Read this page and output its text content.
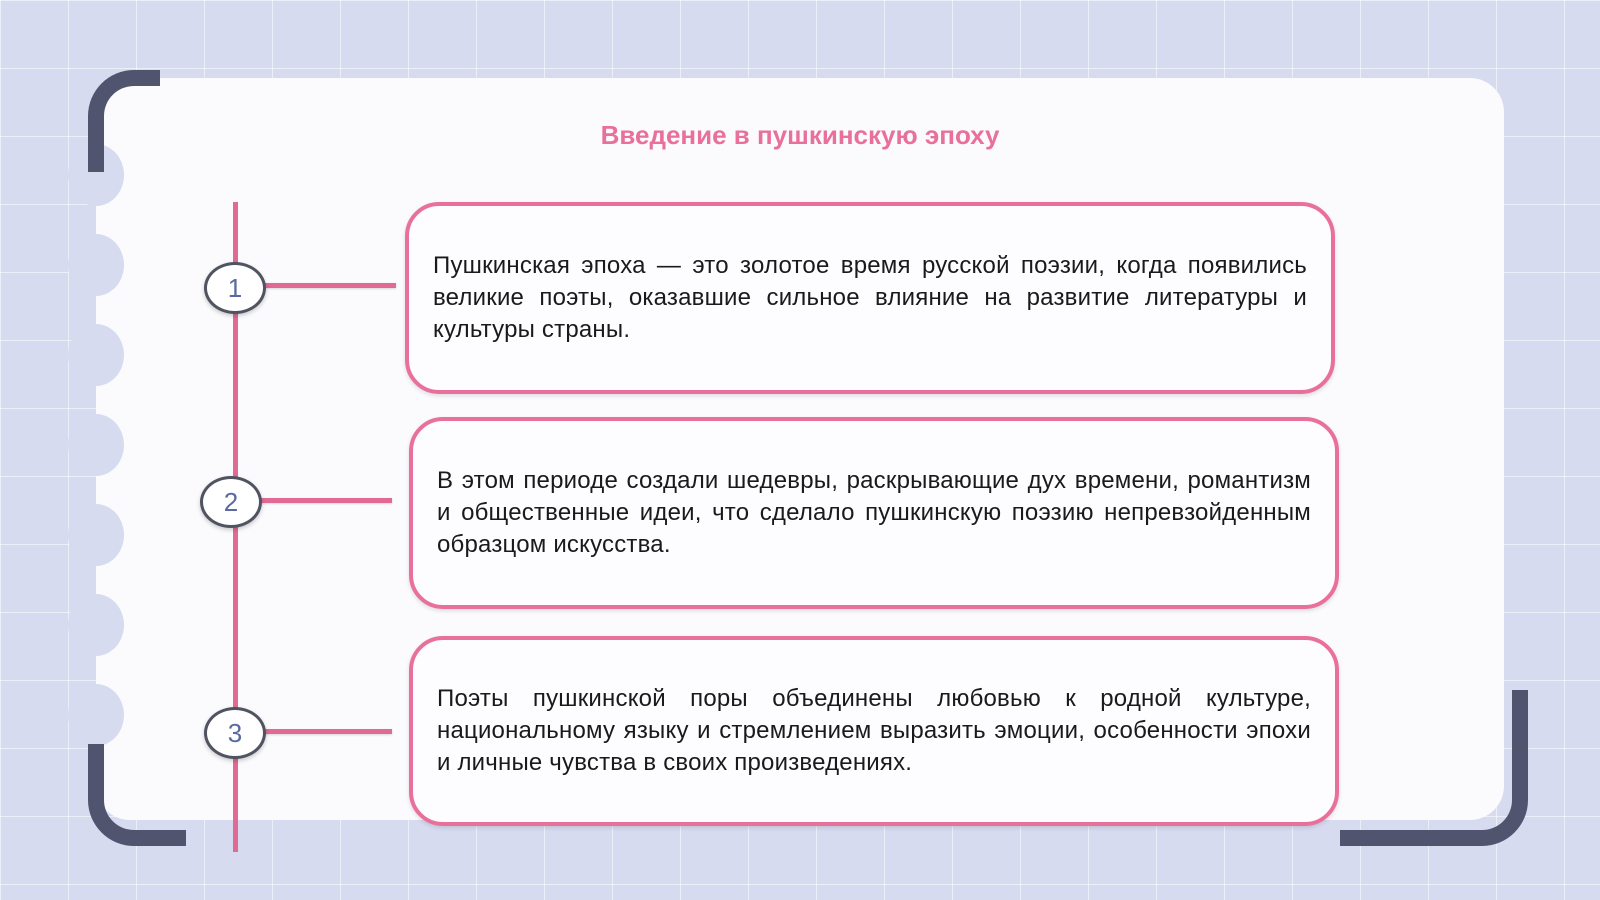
Введение в пушкинскую эпоху
1
2
3

Пушкинская эпоха — это золотое время русской поэзии, когда появились великие поэты, оказавшие сильное влияние на развитие литературы и культуры страны.

В этом периоде создали шедевры, раскрывающие дух времени, романтизм и общественные идеи, что сделало пушкинскую поэзию непревзойденным образцом искусства.

Поэты пушкинской поры объединены любовью к родной культуре, национальному языку и стремлением выразить эмоции, особенности эпохи и личные чувства в своих произведениях.
